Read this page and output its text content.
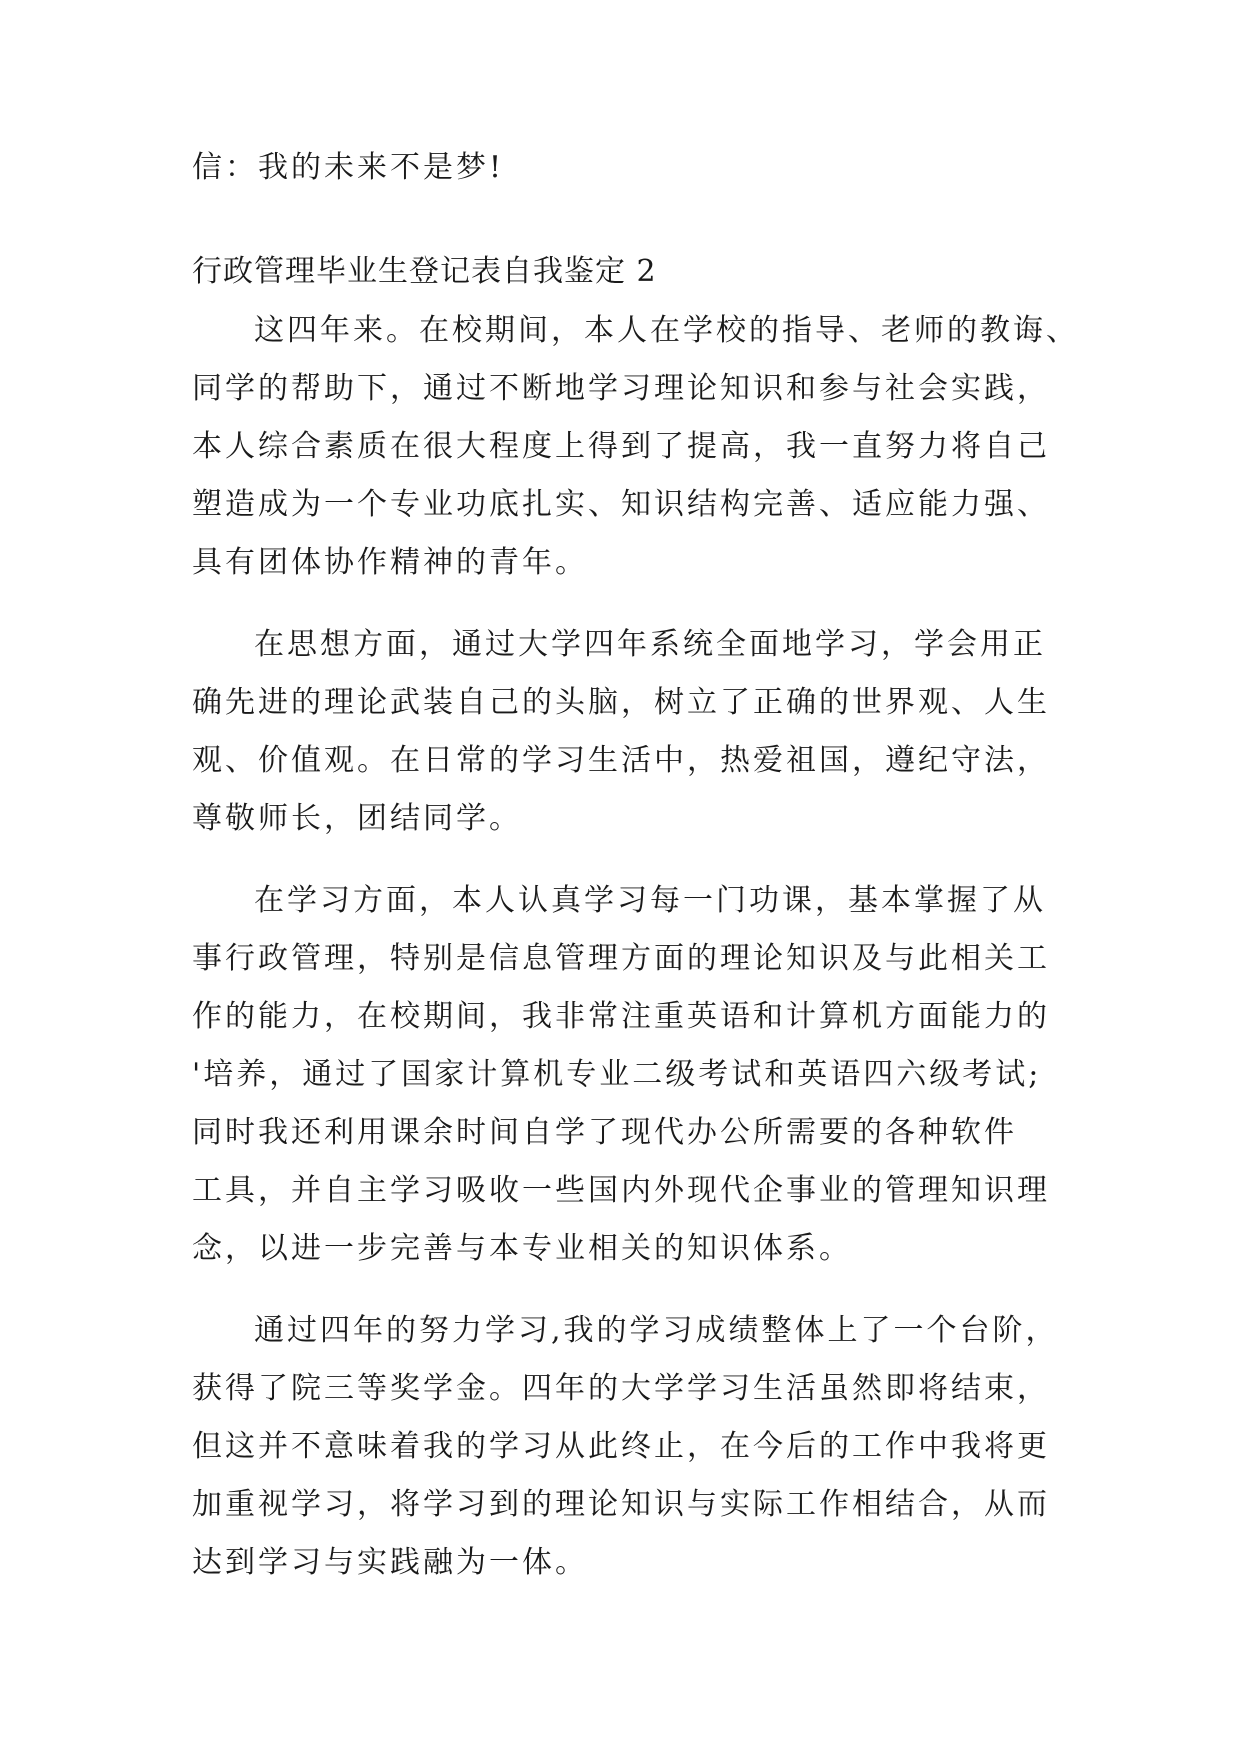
信：我的未来不是梦!

行政管理毕业生登记表自我鉴定 2

这四年来。在校期间，本人在学校的指导、老师的教诲、

同学的帮助下，通过不断地学习理论知识和参与社会实践，

本人综合素质在很大程度上得到了提高，我一直努力将自己

塑造成为一个专业功底扎实、知识结构完善、适应能力强、

具有团体协作精神的青年。

在思想方面，通过大学四年系统全面地学习，学会用正

确先进的理论武装自己的头脑，树立了正确的世界观、人生

观、价值观。在日常的学习生活中，热爱祖国，遵纪守法，

尊敬师长，团结同学。

在学习方面，本人认真学习每一门功课，基本掌握了从

事行政管理，特别是信息管理方面的理论知识及与此相关工

作的能力，在校期间，我非常注重英语和计算机方面能力的

'培养，通过了国家计算机专业二级考试和英语四六级考试;

同时我还利用课余时间自学了现代办公所需要的各种软件

工具，并自主学习吸收一些国内外现代企事业的管理知识理

念，以进一步完善与本专业相关的知识体系。

通过四年的努力学习,我的学习成绩整体上了一个台阶，

获得了院三等奖学金。四年的大学学习生活虽然即将结束，

但这并不意味着我的学习从此终止，在今后的工作中我将更

加重视学习，将学习到的理论知识与实际工作相结合，从而

达到学习与实践融为一体。
